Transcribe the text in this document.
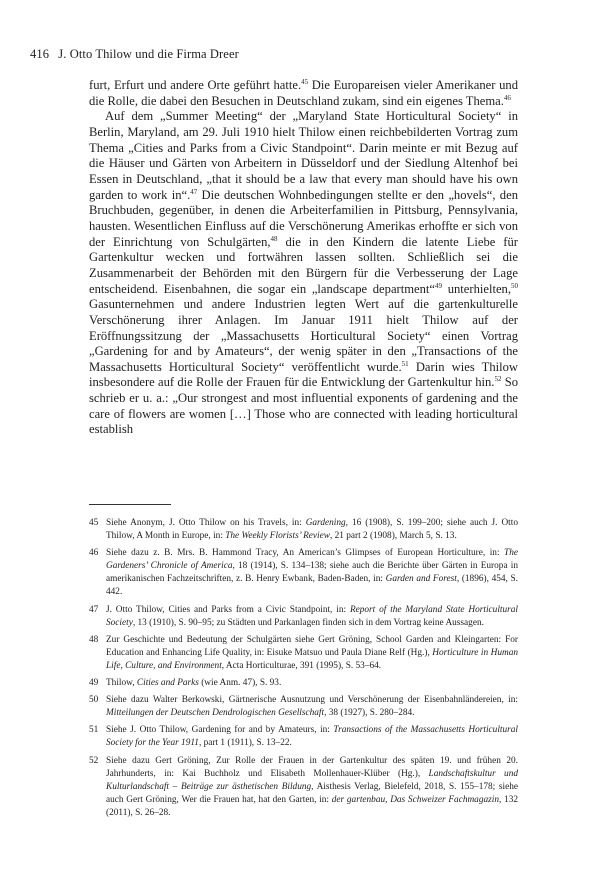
416 J. Otto Thilow und die Firma Dreer

furt, Erfurt und andere Orte geführt hatte.$^{45}$ Die Europareisen vieler Amerikaner und die Rolle, die dabei den Besuchen in Deutschland zukam, sind ein eigenes Thema.$^{46}$

Auf dem „Summer Meeting“ der „Maryland State Horticultural Society“ in Berlin, Maryland, am 29. Juli 1910 hielt Thilow einen reichbebilderten Vortrag zum Thema „Cities and Parks from a Civic Standpoint“. Darin meinte er mit Bezug auf die Häuser und Gärten von Arbeitern in Düsseldorf und der Siedlung Altenhof bei Essen in Deutschland, „that it should be a law that every man should have his own garden to work in“.$^{47}$ Die deutschen Wohnbedingungen stellte er den „hovels“, den Bruchbuden, gegenüber, in denen die Arbeiterfamilien in Pittsburg, Pennsylvania, hausten. Wesentlichen Einfluss auf die Verschönerung Amerikas erhoffte er sich von der Einrichtung von Schulgärten,$^{48}$ die in den Kindern die latente Liebe für Gartenkultur wecken und fortwähren lassen sollten. Schließlich sei die Zusammenarbeit der Behörden mit den Bürgern für die Verbesserung der Lage entscheidend. Eisenbahnen, die sogar ein „landscape department“$^{49}$ unterhielten,$^{50}$ Gasunternehmen und andere Industrien legten Wert auf die gartenkulturelle Verschönerung ihrer Anlagen. Im Januar 1911 hielt Thilow auf der Eröffnungssitzung der „Massachusetts Horticultural Society“ einen Vortrag „Gardening for and by Amateurs“, der wenig später in den „Transactions of the Massachusetts Horticultural Society“ veröffentlicht wurde.$^{51}$ Darin wies Thilow insbesondere auf die Rolle der Frauen für die Entwicklung der Gartenkultur hin.$^{52}$ So schrieb er u. a.: „Our strongest and most influential exponents of gardening and the care of flowers are women […] Those who are connected with leading horticultural establish

45 Siehe Anonym, J. Otto Thilow on his Travels, in: Gardening, 16 (1908), S. 199–200; siehe auch J. Otto Thilow, A Month in Europe, in: The Weekly Florists’ Review, 21 part 2 (1908), March 5, S. 13.
46 Siehe dazu z. B. Mrs. B. Hammond Tracy, An American’s Glimpses of European Horticulture, in: The Gardeners’ Chronicle of America, 18 (1914), S. 134–138; siehe auch die Berichte über Gärten in Europa in amerikanischen Fachzeitschriften, z. B. Henry Ewbank, Baden-Baden, in: Garden and Forest, (1896), 454, S. 442.
47 J. Otto Thilow, Cities and Parks from a Civic Standpoint, in: Report of the Maryland State Horticultural Society, 13 (1910), S. 90–95; zu Städten und Parkanlagen finden sich in dem Vortrag keine Aussagen.
48 Zur Geschichte und Bedeutung der Schulgärten siehe Gert Gröning, School Garden and Kleingarten: For Education and Enhancing Life Quality, in: Eisuke Matsuo und Paula Diane Relf (Hg.), Horticulture in Human Life, Culture, and Environment, Acta Horticulturae, 391 (1995), S. 53–64.
49 Thilow, Cities and Parks (wie Anm. 47), S. 93.
50 Siehe dazu Walter Berkowski, Gärtnerische Ausnutzung und Verschönerung der Eisenbahnländereien, in: Mitteilungen der Deutschen Dendrologischen Gesellschaft, 38 (1927), S. 280–284.
51 Siehe J. Otto Thilow, Gardening for and by Amateurs, in: Transactions of the Massachusetts Horticultural Society for the Year 1911, part 1 (1911), S. 13–22.
52 Siehe dazu Gert Gröning, Zur Rolle der Frauen in der Gartenkultur des späten 19. und frühen 20. Jahrhunderts, in: Kai Buchholz und Elisabeth Mollenhauer-Klüber (Hg.), Landschaftskultur und Kulturlandschaft – Beiträge zur ästhetischen Bildung, Aisthesis Verlag, Bielefeld, 2018, S. 155–178; siehe auch Gert Gröning, Wer die Frauen hat, hat den Garten, in: der gartenbau, Das Schweizer Fachmagazin, 132 (2011), S. 26–28.
